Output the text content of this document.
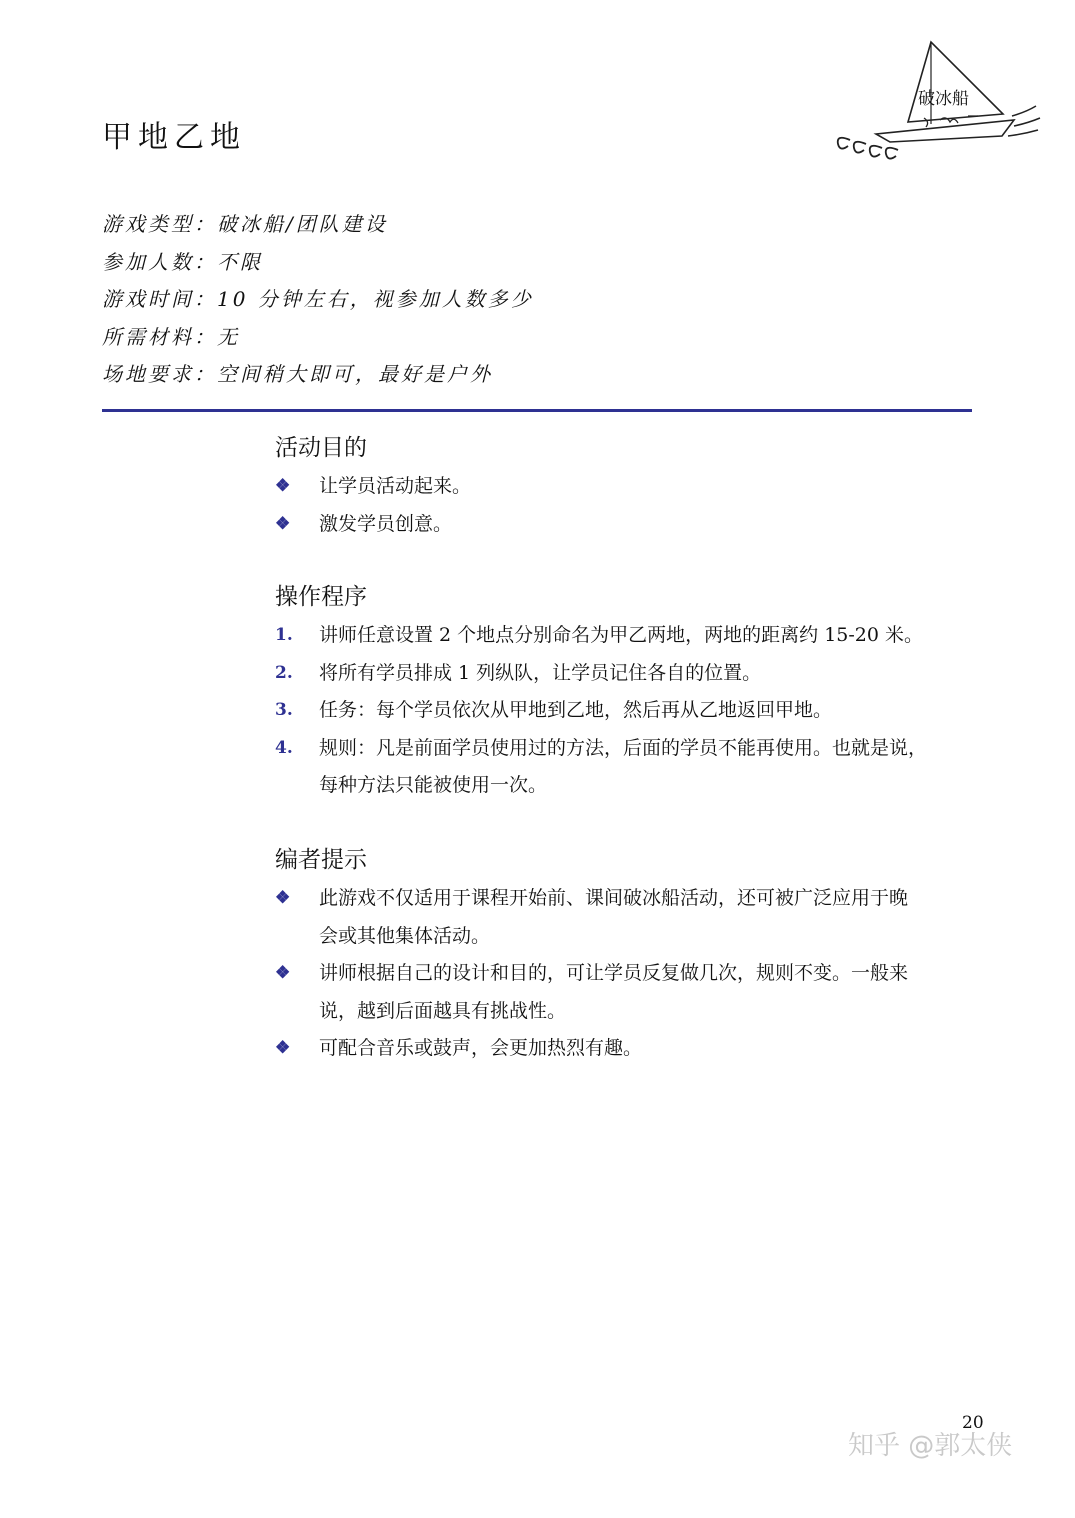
甲地乙地
破冰船
游戏类型：破冰船/团队建设
参加人数：不限
游戏时间：10 分钟左右，视参加人数多少
所需材料：无
场地要求：空间稍大即可，最好是户外
活动目的
❖	让学员活动起来。
❖	激发学员创意。
操作程序
1.	讲师任意设置 2 个地点分别命名为甲乙两地，两地的距离约 15-20 米。
2.	将所有学员排成 1 列纵队，让学员记住各自的位置。
3.	任务：每个学员依次从甲地到乙地，然后再从乙地返回甲地。
4.	规则：凡是前面学员使用过的方法，后面的学员不能再使用。也就是说，
每种方法只能被使用一次。
编者提示
❖	此游戏不仅适用于课程开始前、课间破冰船活动，还可被广泛应用于晚
会或其他集体活动。
❖	讲师根据自己的设计和目的，可让学员反复做几次，规则不变。一般来
说，越到后面越具有挑战性。
❖	可配合音乐或鼓声，会更加热烈有趣。
20
知乎 @郭太侠
